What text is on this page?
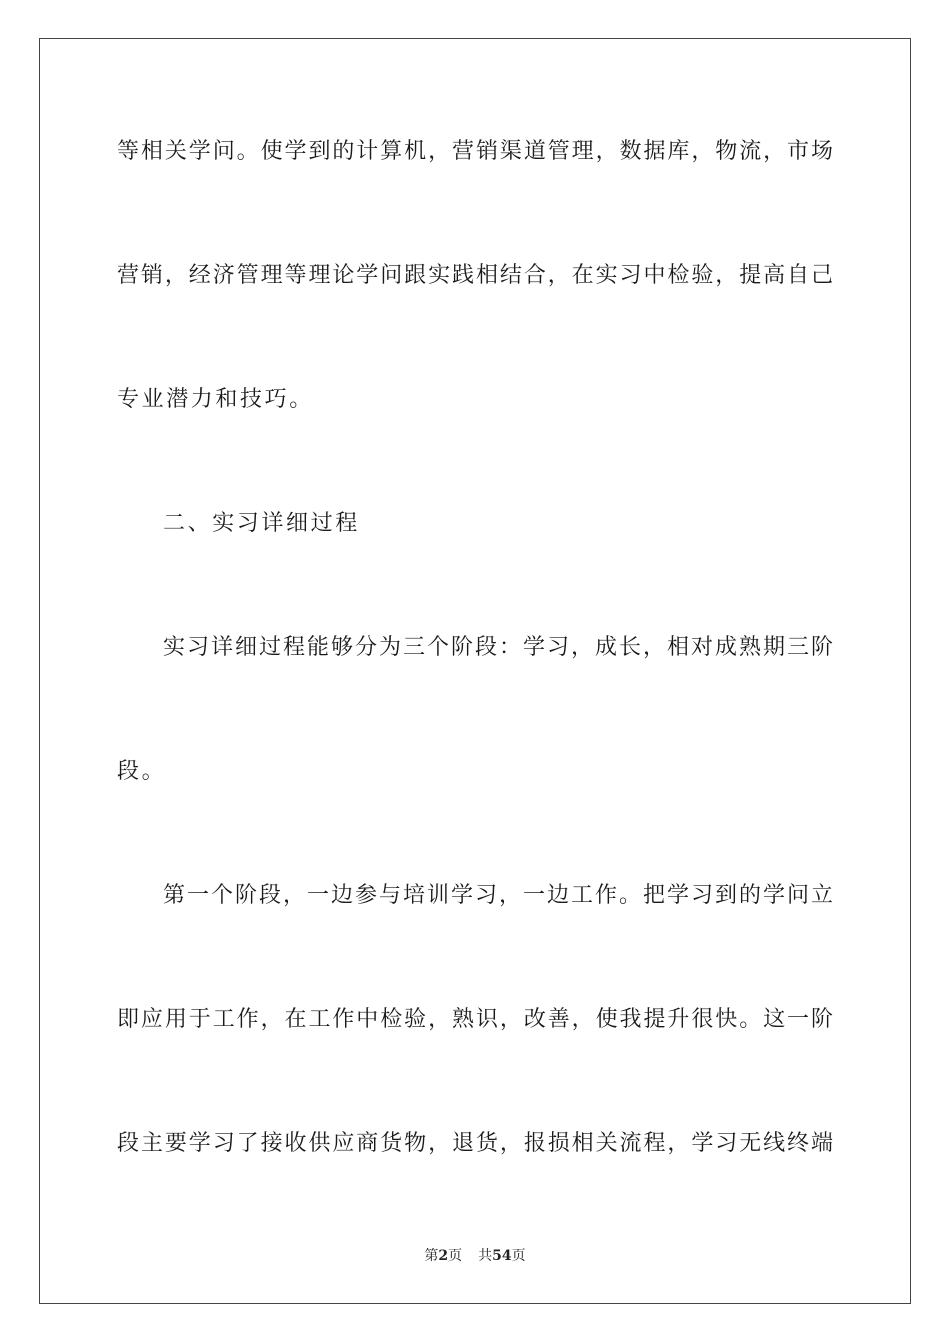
等相关学问。使学到的计算机，营销渠道管理，数据库，物流，市场
营销，经济管理等理论学问跟实践相结合，在实习中检验，提高自己
专业潜力和技巧。
二、实习详细过程
实习详细过程能够分为三个阶段：学习，成长，相对成熟期三阶
段。
第一个阶段，一边参与培训学习，一边工作。把学习到的学问立
即应用于工作，在工作中检验，熟识，改善，使我提升很快。这一阶
段主要学习了接收供应商货物，退货，报损相关流程，学习无线终端
第2页 共54页
